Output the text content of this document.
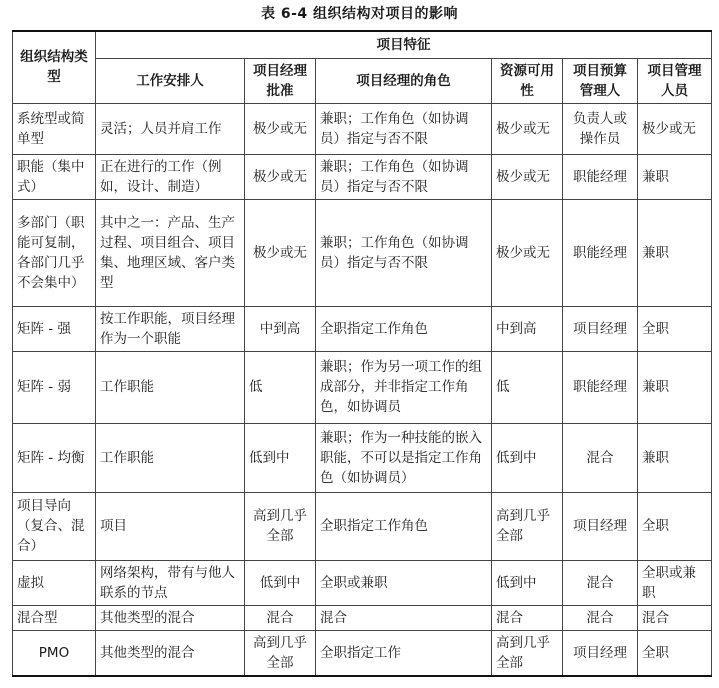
表 6-4 组织结构对项目的影响
组织结构类型	项目特征					
	工作安排人	项目经理批准	项目经理的角色	资源可用性	项目预算管理人	项目管理人员
系统型或简单型	灵活；人员并肩工作	极少或无	兼职；工作角色（如协调员）指定与否不限	极少或无	负责人或操作员	极少或无
职能（集中式）	正在进行的工作（例如，设计、制造）	极少或无	兼职；工作角色（如协调员）指定与否不限	极少或无	职能经理	兼职
多部门（职能可复制，各部门几乎不会集中）	其中之一：产品、生产过程、项目组合、项目集、地理区域、客户类型	极少或无	兼职；工作角色（如协调员）指定与否不限	极少或无	职能经理	兼职
矩阵 - 强	按工作职能，项目经理作为一个职能	中到高	全职指定工作角色	中到高	项目经理	全职
矩阵 - 弱	工作职能	低	兼职；作为另一项工作的组成部分，并非指定工作角色，如协调员	低	职能经理	兼职
矩阵 - 均衡	工作职能	低到中	兼职；作为一种技能的嵌入职能，不可以是指定工作角色（如协调员）	低到中	混合	兼职
项目导向（复合、混合）	项目	高到几乎全部	全职指定工作角色	高到几乎全部	项目经理	全职
虚拟	网络架构，带有与他人联系的节点	低到中	全职或兼职	低到中	混合	全职或兼职
混合型	其他类型的混合	混合	混合	混合	混合	混合
PMO	其他类型的混合	高到几乎全部	全职指定工作	高到几乎全部	项目经理	全职
